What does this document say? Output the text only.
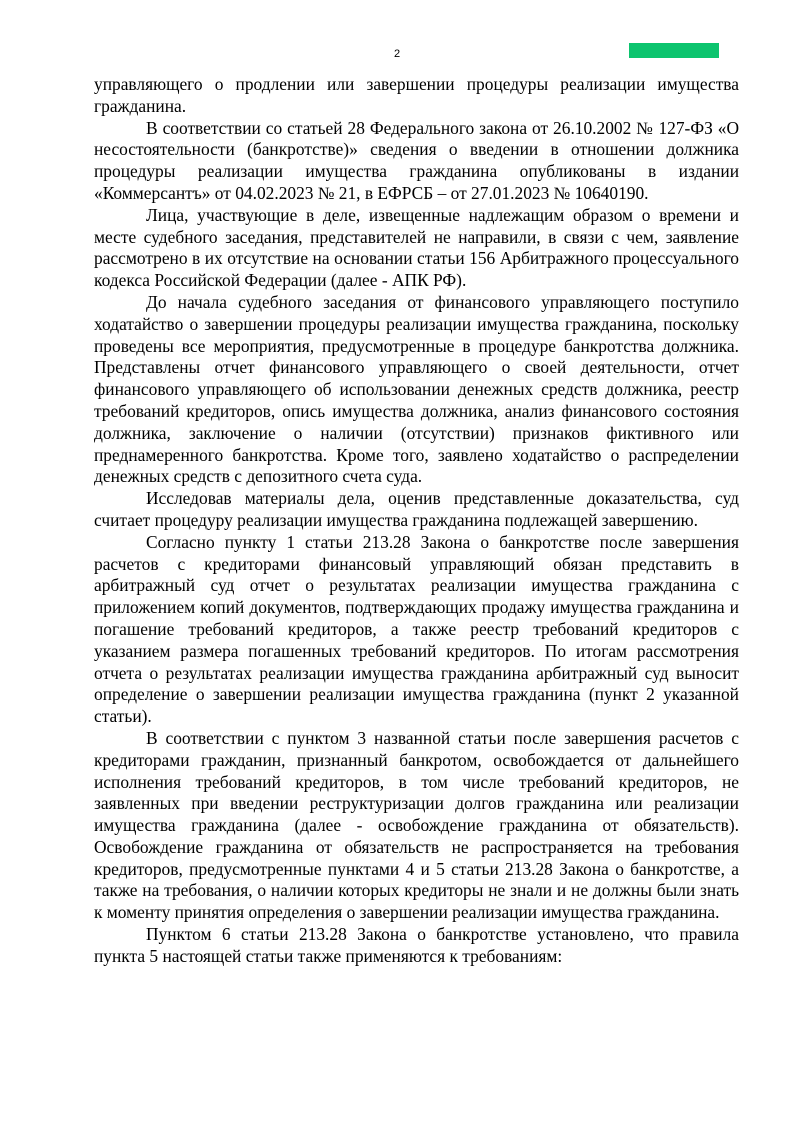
2

управляющего о продлении или завершении процедуры реализации имущества гражданина.

В соответствии со статьей 28 Федерального закона от 26.10.2002 № 127-ФЗ «О несостоятельности (банкротстве)» сведения о введении в отношении должника процедуры реализации имущества гражданина опубликованы в издании «Коммерсантъ» от 04.02.2023 № 21, в ЕФРСБ – от 27.01.2023 № 10640190.

Лица, участвующие в деле, извещенные надлежащим образом о времени и месте судебного заседания, представителей не направили, в связи с чем, заявление рассмотрено в их отсутствие на основании статьи 156 Арбитражного процессуального кодекса Российской Федерации (далее - АПК РФ).

До начала судебного заседания от финансового управляющего поступило ходатайство о завершении процедуры реализации имущества гражданина, поскольку проведены все мероприятия, предусмотренные в процедуре банкротства должника. Представлены отчет финансового управляющего о своей деятельности, отчет финансового управляющего об использовании денежных средств должника, реестр требований кредиторов, опись имущества должника, анализ финансового состояния должника, заключение о наличии (отсутствии) признаков фиктивного или преднамеренного банкротства. Кроме того, заявлено ходатайство о распределении денежных средств с депозитного счета суда.

Исследовав материалы дела, оценив представленные доказательства, суд считает процедуру реализации имущества гражданина подлежащей завершению.

Согласно пункту 1 статьи 213.28 Закона о банкротстве после завершения расчетов с кредиторами финансовый управляющий обязан представить в арбитражный суд отчет о результатах реализации имущества гражданина с приложением копий документов, подтверждающих продажу имущества гражданина и погашение требований кредиторов, а также реестр требований кредиторов с указанием размера погашенных требований кредиторов. По итогам рассмотрения отчета о результатах реализации имущества гражданина арбитражный суд выносит определение о завершении реализации имущества гражданина (пункт 2 указанной статьи).

В соответствии с пунктом 3 названной статьи после завершения расчетов с кредиторами гражданин, признанный банкротом, освобождается от дальнейшего исполнения требований кредиторов, в том числе требований кредиторов, не заявленных при введении реструктуризации долгов гражданина или реализации имущества гражданина (далее - освобождение гражданина от обязательств). Освобождение гражданина от обязательств не распространяется на требования кредиторов, предусмотренные пунктами 4 и 5 статьи 213.28 Закона о банкротстве, а также на требования, о наличии которых кредиторы не знали и не должны были знать к моменту принятия определения о завершении реализации имущества гражданина.

Пунктом 6 статьи 213.28 Закона о банкротстве установлено, что правила пункта 5 настоящей статьи также применяются к требованиям:
